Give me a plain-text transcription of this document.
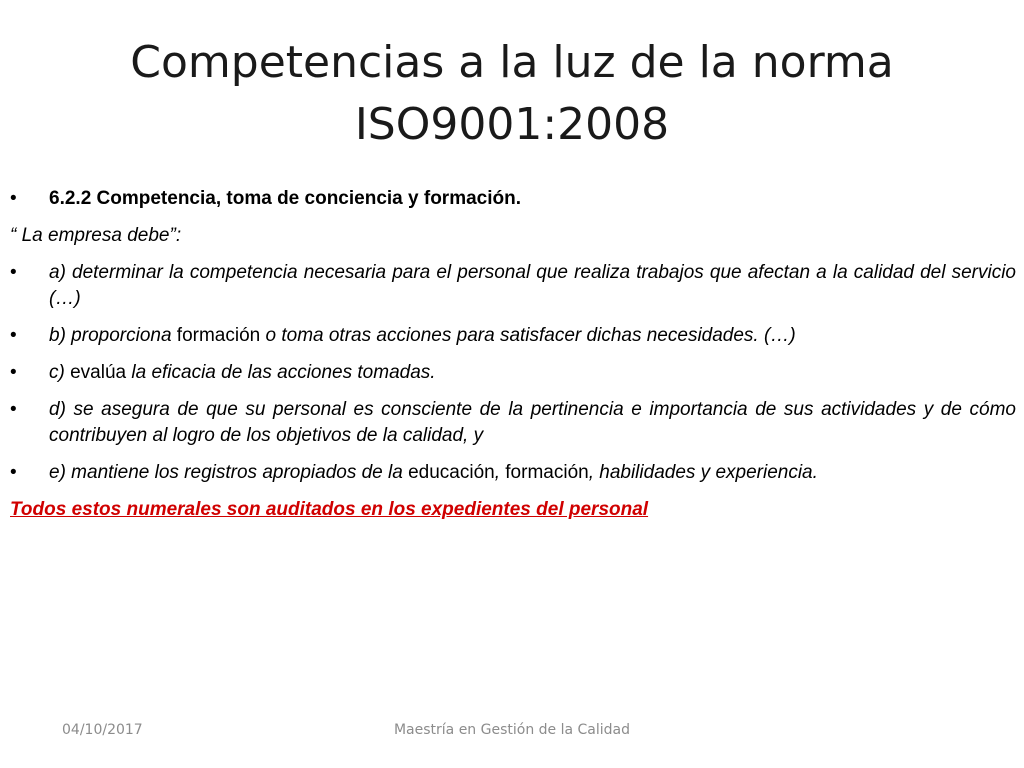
Competencias a la luz de la norma
ISO9001:2008
•	6.2.2 Competencia, toma de conciencia y formación.
“ La empresa debe”:
•	a) determinar la competencia necesaria para el personal que realiza trabajos que afectan a la calidad del servicio (…)
•	b) proporciona formación o toma otras acciones para satisfacer dichas necesidades. (…)
•	c) evalúa la eficacia de las acciones tomadas.
•	d) se asegura de que su personal es consciente de la pertinencia e importancia de sus actividades y de cómo contribuyen al logro de los objetivos de la calidad, y
•	e) mantiene los registros apropiados de la educación, formación, habilidades y experiencia.
Todos estos numerales son auditados en los expedientes del personal
04/10/2017	Maestría en Gestión de la Calidad
